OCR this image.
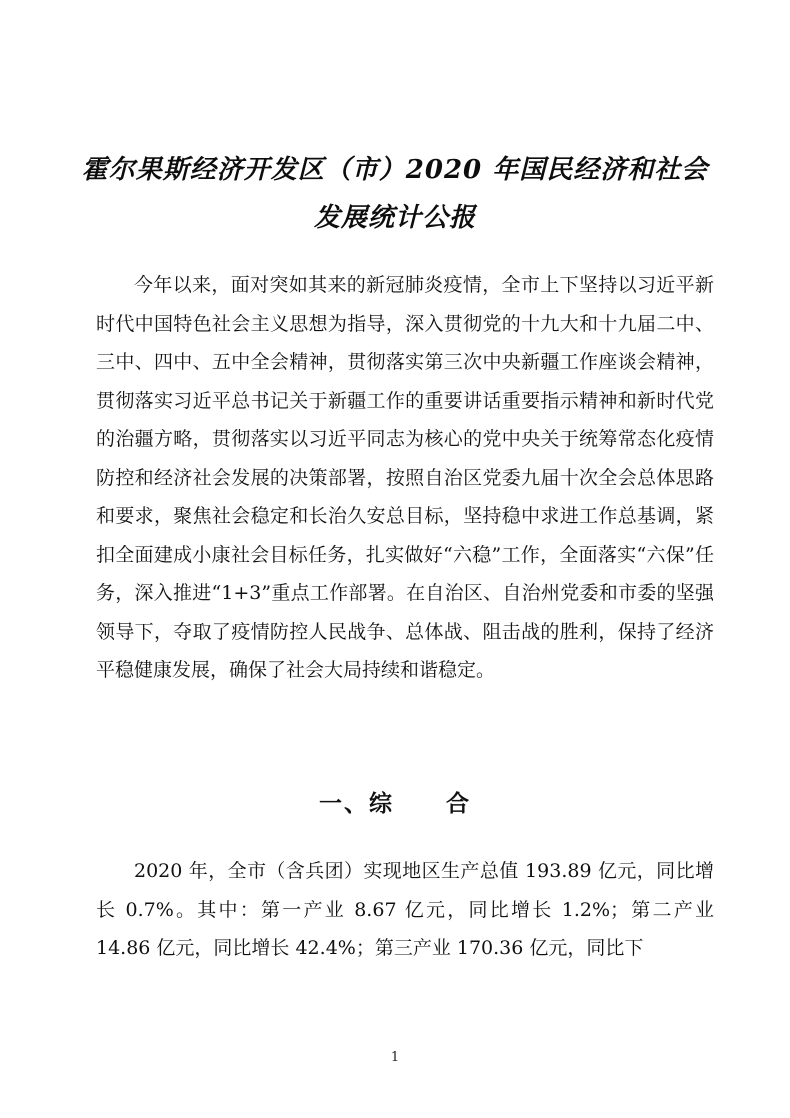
霍尔果斯经济开发区（市）2020 年国民经济和社会
发展统计公报

今年以来，面对突如其来的新冠肺炎疫情，全市上下坚持以习近平新时代中国特色社会主义思想为指导，深入贯彻党的十九大和十九届二中、三中、四中、五中全会精神，贯彻落实第三次中央新疆工作座谈会精神，贯彻落实习近平总书记关于新疆工作的重要讲话重要指示精神和新时代党的治疆方略，贯彻落实以习近平同志为核心的党中央关于统筹常态化疫情防控和经济社会发展的决策部署，按照自治区党委九届十次全会总体思路和要求，聚焦社会稳定和长治久安总目标，坚持稳中求进工作总基调，紧扣全面建成小康社会目标任务，扎实做好“六稳”工作，全面落实“六保”任务，深入推进“1+3”重点工作部署。在自治区、自治州党委和市委的坚强领导下，夺取了疫情防控人民战争、总体战、阻击战的胜利，保持了经济平稳健康发展，确保了社会大局持续和谐稳定。

一、综 合

2020 年，全市（含兵团）实现地区生产总值 193.89 亿元，同比增长 0.7%。其中：第一产业 8.67 亿元，同比增长 1.2%；第二产业 14.86 亿元，同比增长 42.4%；第三产业 170.36 亿元，同比下

1
